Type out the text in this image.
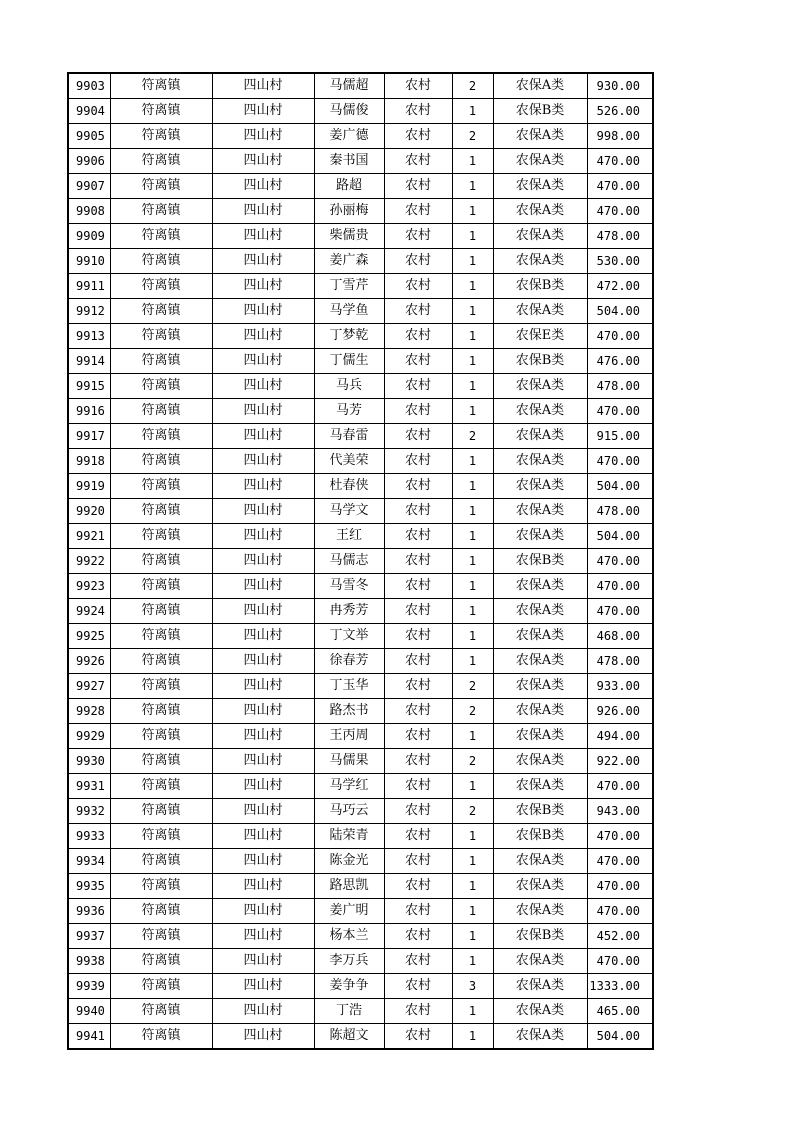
9903	符离镇	四山村	马儒超	农村	2	农保A类	930.00
9904	符离镇	四山村	马儒俊	农村	1	农保B类	526.00
9905	符离镇	四山村	姜广德	农村	2	农保A类	998.00
9906	符离镇	四山村	秦书国	农村	1	农保A类	470.00
9907	符离镇	四山村	路超	农村	1	农保A类	470.00
9908	符离镇	四山村	孙丽梅	农村	1	农保A类	470.00
9909	符离镇	四山村	柴儒贵	农村	1	农保A类	478.00
9910	符离镇	四山村	姜广森	农村	1	农保A类	530.00
9911	符离镇	四山村	丁雪芹	农村	1	农保B类	472.00
9912	符离镇	四山村	马学鱼	农村	1	农保A类	504.00
9913	符离镇	四山村	丁梦乾	农村	1	农保E类	470.00
9914	符离镇	四山村	丁儒生	农村	1	农保B类	476.00
9915	符离镇	四山村	马兵	农村	1	农保A类	478.00
9916	符离镇	四山村	马芳	农村	1	农保A类	470.00
9917	符离镇	四山村	马春雷	农村	2	农保A类	915.00
9918	符离镇	四山村	代美荣	农村	1	农保A类	470.00
9919	符离镇	四山村	杜春侠	农村	1	农保A类	504.00
9920	符离镇	四山村	马学文	农村	1	农保A类	478.00
9921	符离镇	四山村	王红	农村	1	农保A类	504.00
9922	符离镇	四山村	马儒志	农村	1	农保B类	470.00
9923	符离镇	四山村	马雪冬	农村	1	农保A类	470.00
9924	符离镇	四山村	冉秀芳	农村	1	农保A类	470.00
9925	符离镇	四山村	丁文举	农村	1	农保A类	468.00
9926	符离镇	四山村	徐春芳	农村	1	农保A类	478.00
9927	符离镇	四山村	丁玉华	农村	2	农保A类	933.00
9928	符离镇	四山村	路杰书	农村	2	农保A类	926.00
9929	符离镇	四山村	王丙周	农村	1	农保A类	494.00
9930	符离镇	四山村	马儒果	农村	2	农保A类	922.00
9931	符离镇	四山村	马学红	农村	1	农保A类	470.00
9932	符离镇	四山村	马巧云	农村	2	农保B类	943.00
9933	符离镇	四山村	陆荣青	农村	1	农保B类	470.00
9934	符离镇	四山村	陈金光	农村	1	农保A类	470.00
9935	符离镇	四山村	路思凯	农村	1	农保A类	470.00
9936	符离镇	四山村	姜广明	农村	1	农保A类	470.00
9937	符离镇	四山村	杨本兰	农村	1	农保B类	452.00
9938	符离镇	四山村	李万兵	农村	1	农保A类	470.00
9939	符离镇	四山村	姜争争	农村	3	农保A类	1333.00
9940	符离镇	四山村	丁浩	农村	1	农保A类	465.00
9941	符离镇	四山村	陈超文	农村	1	农保A类	504.00
